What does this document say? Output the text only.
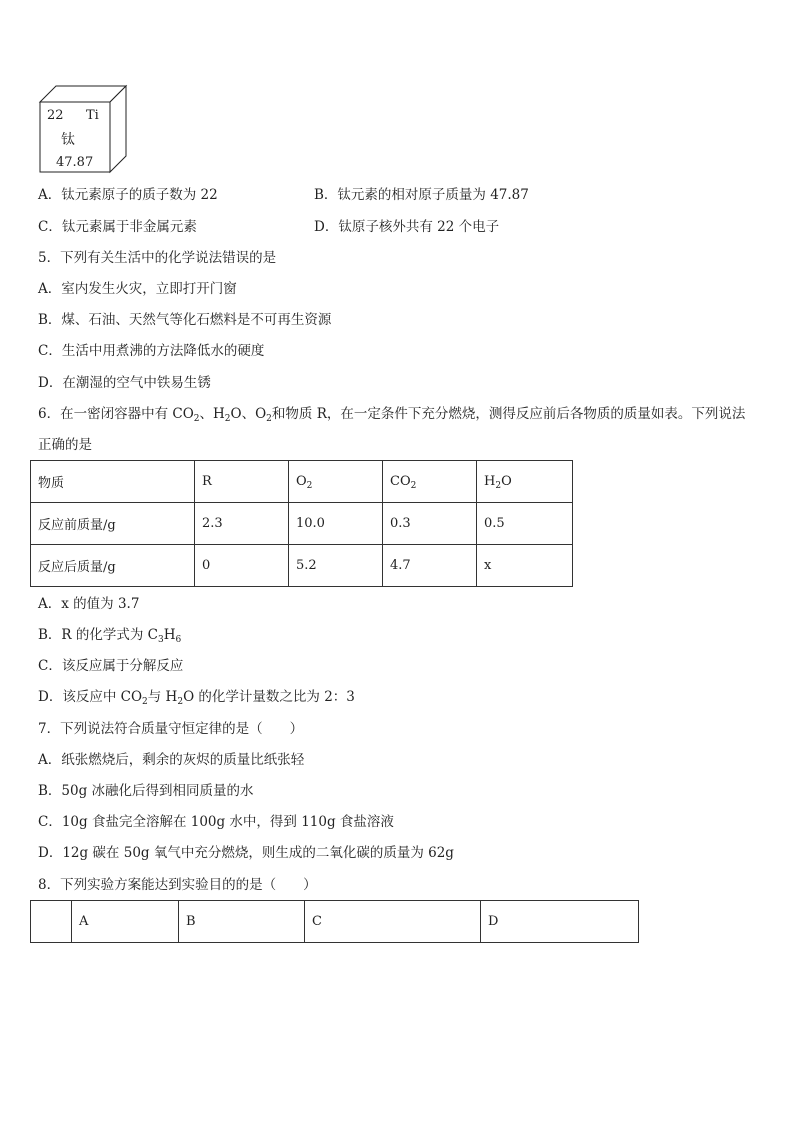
22 Ti
钛
47.87
A．钛元素原子的质子数为 22	B．钛元素的相对原子质量为 47.87
C．钛元素属于非金属元素	D．钛原子核外共有 22 个电子
5．下列有关生活中的化学说法错误的是
A．室内发生火灾，立即打开门窗
B．煤、石油、天然气等化石燃料是不可再生资源
C．生活中用煮沸的方法降低水的硬度
D．在潮湿的空气中铁易生锈
6．在一密闭容器中有 $CO_2$、$H_2O$、$O_2$和物质 R，在一定条件下充分燃烧，测得反应前后各物质的质量如表。下列说法
正确的是
物质	R	$O_2$	$CO_2$	$H_2O$
反应前质量/g	2.3	10.0	0.3	0.5
反应后质量/g	0	5.2	4.7	x
A．x 的值为 3.7
B．R 的化学式为 $C_3H_6$
C．该反应属于分解反应
D．该反应中 $CO_2$与 $H_2O$ 的化学计量数之比为 2：3
7．下列说法符合质量守恒定律的是（　　）
A．纸张燃烧后，剩余的灰烬的质量比纸张轻
B．50g 冰融化后得到相同质量的水
C．10g 食盐完全溶解在 100g 水中，得到 110g 食盐溶液
D．12g 碳在 50g 氧气中充分燃烧，则生成的二氧化碳的质量为 62g
8．下列实验方案能达到实验目的的是（　　）
	A	B	C	D
